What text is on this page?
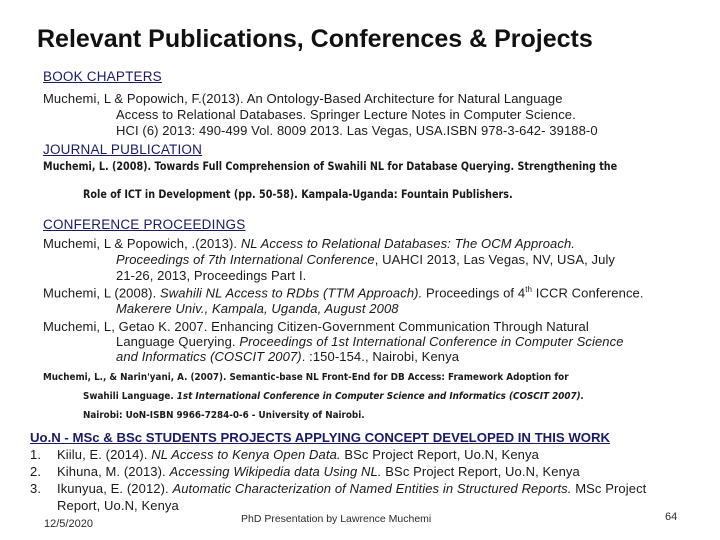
Relevant Publications, Conferences & Projects
BOOK CHAPTERS
Muchemi, L & Popowich, F.(2013). An Ontology-Based Architecture for Natural Language
Access to Relational Databases. Springer Lecture Notes in Computer Science.
HCI (6) 2013: 490-499 Vol. 8009 2013. Las Vegas, USA.ISBN 978-3-642- 39188-0
JOURNAL PUBLICATION
Muchemi, L. (2008). Towards Full Comprehension of Swahili NL for Database Querying. Strengthening the
Role of ICT in Development (pp. 50-58). Kampala-Uganda: Fountain Publishers.
CONFERENCE PROCEEDINGS
Muchemi, L & Popowich, .(2013). NL Access to Relational Databases: The OCM Approach.
Proceedings of 7th International Conference, UAHCI 2013, Las Vegas, NV, USA, July
21-26, 2013, Proceedings Part I.
Muchemi, L (2008). Swahili NL Access to RDbs (TTM Approach). Proceedings of 4th ICCR Conference.
Makerere Univ., Kampala, Uganda, August 2008
Muchemi, L, Getao K. 2007. Enhancing Citizen-Government Communication Through Natural
Language Querying. Proceedings of 1st International Conference in Computer Science
and Informatics (COSCIT 2007). :150-154., Nairobi, Kenya
Muchemi, L., & Narin'yani, A. (2007). Semantic-base NL Front-End for DB Access: Framework Adoption for
Swahili Language. 1st International Conference in Computer Science and Informatics (COSCIT 2007).
Nairobi: UoN-ISBN 9966-7284-0-6 - University of Nairobi.
Uo.N - MSc & BSc STUDENTS PROJECTS APPLYING CONCEPT DEVELOPED IN THIS WORK
1. Kiilu, E. (2014). NL Access to Kenya Open Data. BSc Project Report, Uo.N, Kenya
2. Kihuna, M. (2013). Accessing Wikipedia data Using NL. BSc Project Report, Uo.N, Kenya
3. Ikunyua, E. (2012). Automatic Characterization of Named Entities in Structured Reports. MSc Project
Report, Uo.N, Kenya
12/5/2020	PhD Presentation by Lawrence Muchemi	64
